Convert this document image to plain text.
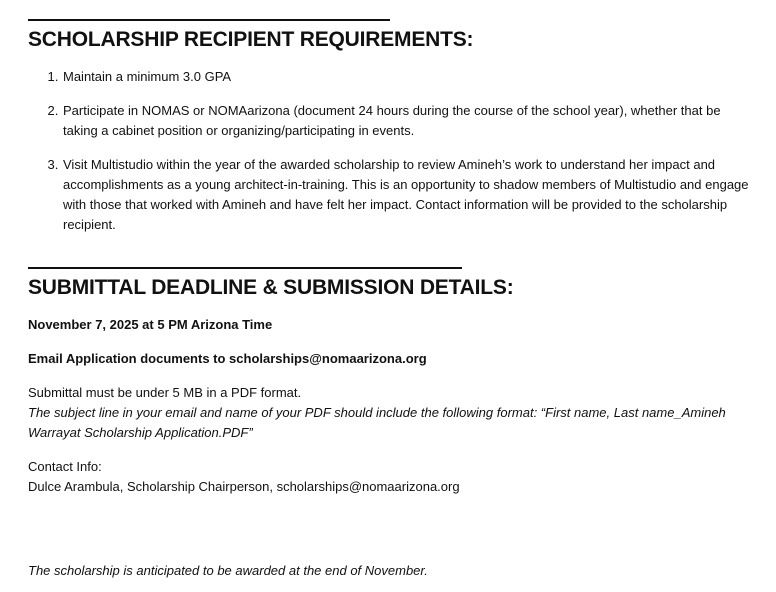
SCHOLARSHIP RECIPIENT REQUIREMENTS:
1. Maintain a minimum 3.0 GPA
2. Participate in NOMAS or NOMAarizona (document 24 hours during the course of the school year), whether that be taking a cabinet position or organizing/participating in events.
3. Visit Multistudio within the year of the awarded scholarship to review Amineh’s work to understand her impact and accomplishments as a young architect-in-training. This is an opportunity to shadow members of Multistudio and engage with those that worked with Amineh and have felt her impact. Contact information will be provided to the scholarship recipient.
SUBMITTAL DEADLINE & SUBMISSION DETAILS:

November 7, 2025 at 5 PM Arizona Time

Email Application documents to scholarships@nomaarizona.org

Submittal must be under 5 MB in a PDF format.

The subject line in your email and name of your PDF should include the following format: “First name, Last name_Amineh Warrayat Scholarship Application.PDF”

Contact Info:

Dulce Arambula, Scholarship Chairperson, scholarships@nomaarizona.org

The scholarship is anticipated to be awarded at the end of November.
